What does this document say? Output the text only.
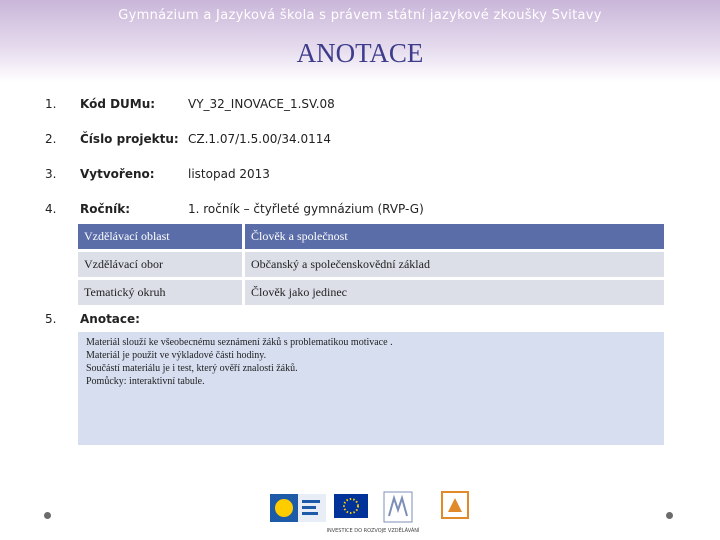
Gymnázium a Jazyková škola s právem státní jazykové zkoušky Svitavy
ANOTACE
1. Kód DUMu:	VY_32_INOVACE_1.SV.08
2. Číslo projektu: CZ.1.07/1.5.00/34.0114
3. Vytvořeno:	listopad 2013
4. Ročník:	1. ročník – čtyřleté gymnázium (RVP-G)
Vzdělávací oblast	Člověk a společnost
Vzdělávací obor	Občanský a společenskovědní základ
Tematický okruh	Člověk jako jedinec
5. Anotace:
Materiál slouží ke všeobecnému seznámení žáků s problematikou motivace .
Materiál je použit ve výkladové části hodiny.
Součástí materiálu je i test, který ověří znalosti žáků.
Pomůcky: interaktivní tabule.
INVESTICE DO ROZVOJE VZDĚLÁVÁNÍ
